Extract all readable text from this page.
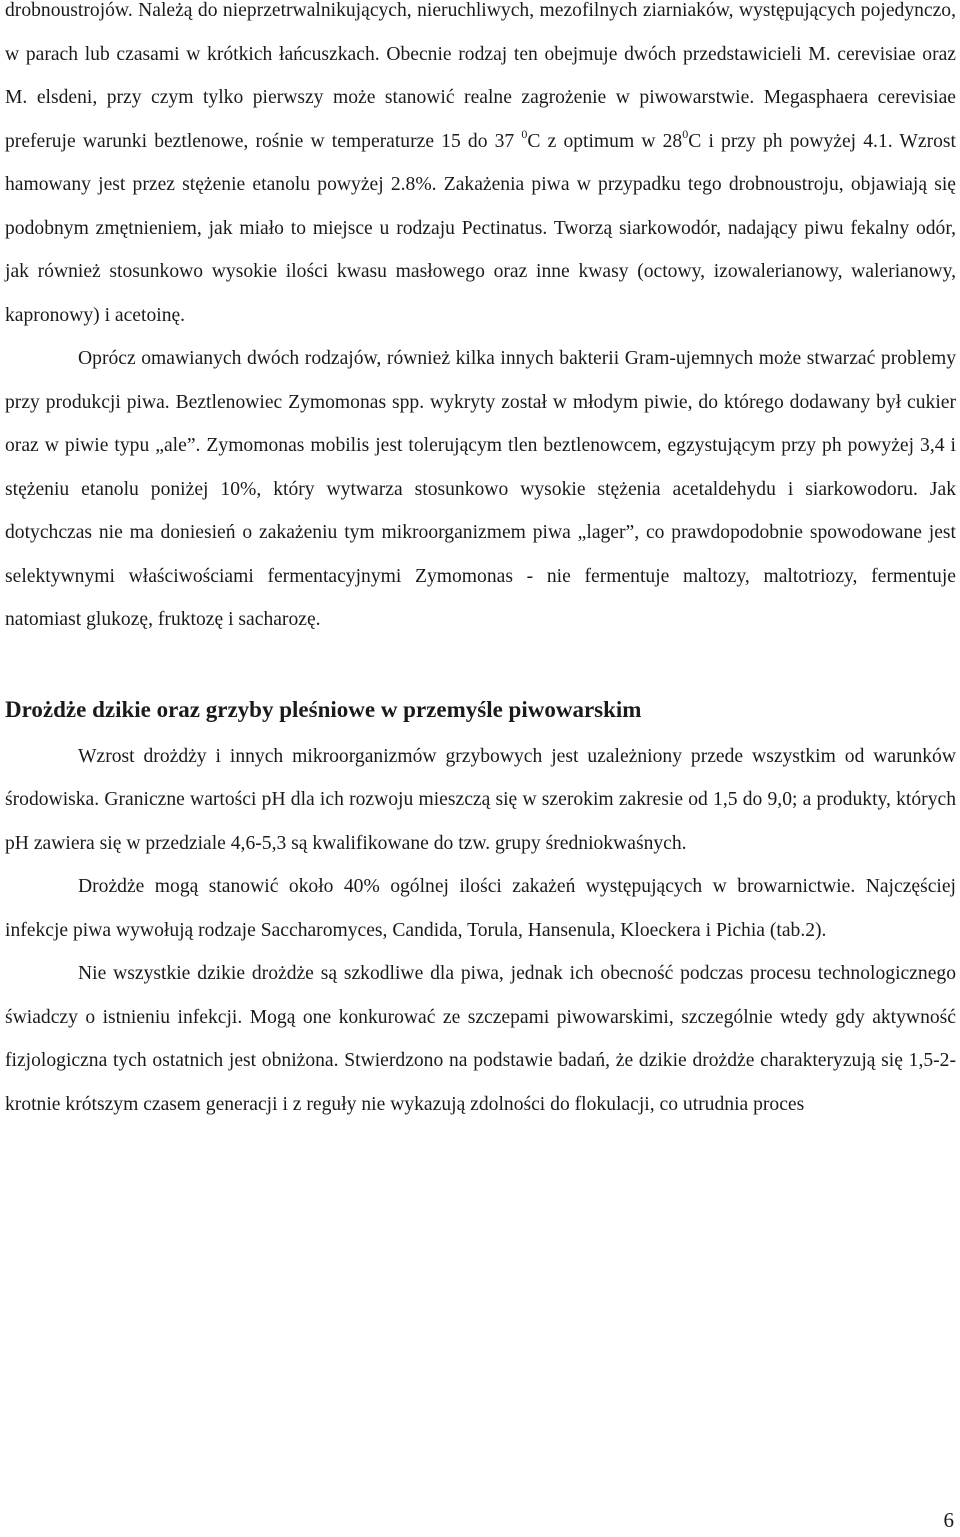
drobnoustrojów. Należą do nieprzetrwalnikujących, nieruchliwych, mezofilnych ziarniaków, występujących pojedynczo, w parach lub czasami w krótkich łańcuszkach. Obecnie rodzaj ten obejmuje dwóch przedstawicieli M. cerevisiae oraz M. elsdeni, przy czym tylko pierwszy może stanowić realne zagrożenie w piwowarstwie. Megasphaera cerevisiae preferuje warunki beztlenowe, rośnie w temperaturze 15 do 37 $^0$C z optimum w $28^0C$ i przy ph powyżej 4.1. Wzrost hamowany jest przez stężenie etanolu powyżej 2.8%. Zakażenia piwa w przypadku tego drobnoustroju, objawiają się podobnym zmętnieniem, jak miało to miejsce u rodzaju Pectinatus. Tworzą siarkowodór, nadający piwu fekalny odór, jak również stosunkowo wysokie ilości kwasu masłowego oraz inne kwasy (octowy, izowalerianowy, walerianowy, kapronowy) i acetoinę.

Oprócz omawianych dwóch rodzajów, również kilka innych bakterii Gram-ujemnych może stwarzać problemy przy produkcji piwa. Beztlenowiec Zymomonas spp. wykryty został w młodym piwie, do którego dodawany był cukier oraz w piwie typu „ale”. Zymomonas mobilis jest tolerującym tlen beztlenowcem, egzystującym przy ph powyżej 3,4 i stężeniu etanolu poniżej 10%, który wytwarza stosunkowo wysokie stężenia acetaldehydu i siarkowodoru. Jak dotychczas nie ma doniesień o zakażeniu tym mikroorganizmem piwa „lager”, co prawdopodobnie spowodowane jest selektywnymi właściwościami fermentacyjnymi Zymomonas - nie fermentuje maltozy, maltotriozy, fermentuje natomiast glukozę, fruktozę i sacharozę.

Drożdże dzikie oraz grzyby pleśniowe w przemyśle piwowarskim

Wzrost drożdży i innych mikroorganizmów grzybowych jest uzależniony przede wszystkim od warunków środowiska. Graniczne wartości pH dla ich rozwoju mieszczą się w szerokim zakresie od 1,5 do 9,0; a produkty, których pH zawiera się w przedziale 4,6-5,3 są kwalifikowane do tzw. grupy średniokwaśnych.

Drożdże mogą stanowić około 40% ogólnej ilości zakażeń występujących w browarnictwie. Najczęściej infekcje piwa wywołują rodzaje Saccharomyces, Candida, Torula, Hansenula, Kloeckera i Pichia (tab.2).

Nie wszystkie dzikie drożdże są szkodliwe dla piwa, jednak ich obecność podczas procesu technologicznego świadczy o istnieniu infekcji. Mogą one konkurować ze szczepami piwowarskimi, szczególnie wtedy gdy aktywność fizjologiczna tych ostatnich jest obniżona. Stwierdzono na podstawie badań, że dzikie drożdże charakteryzują się 1,5-2-krotnie krótszym czasem generacji i z reguły nie wykazują zdolności do flokulacji, co utrudnia proces

6
